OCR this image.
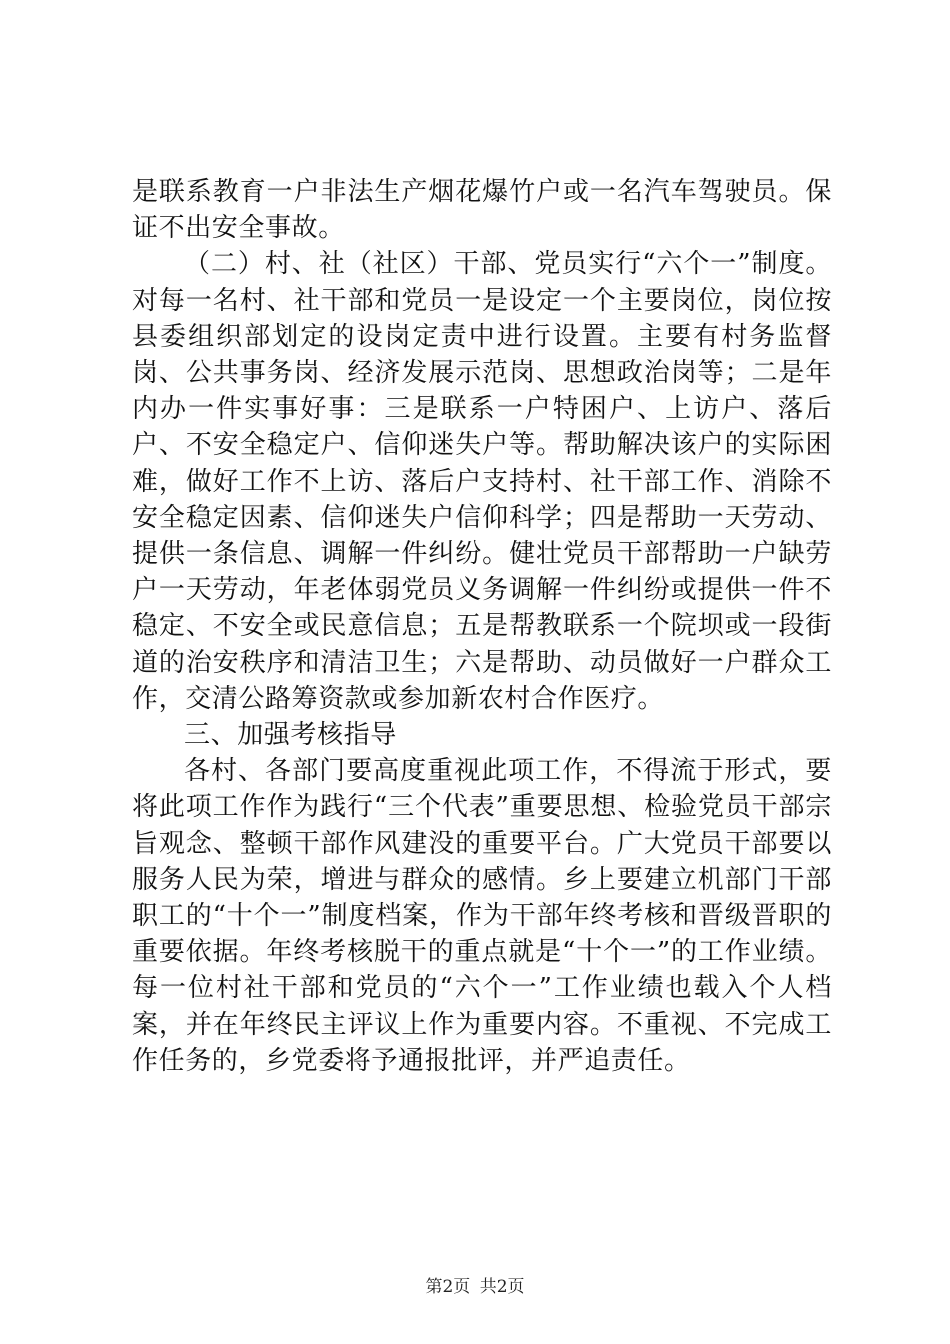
是联系教育一户非法生产烟花爆竹户或一名汽车驾驶员。保证不出安全事故。

（二）村、社（社区）干部、党员实行“六个一”制度。对每一名村、社干部和党员一是设定一个主要岗位，岗位按县委组织部划定的设岗定责中进行设置。主要有村务监督岗、公共事务岗、经济发展示范岗、思想政治岗等；二是年内办一件实事好事：三是联系一户特困户、上访户、落后户、不安全稳定户、信仰迷失户等。帮助解决该户的实际困难，做好工作不上访、落后户支持村、社干部工作、消除不安全稳定因素、信仰迷失户信仰科学；四是帮助一天劳动、提供一条信息、调解一件纠纷。健壮党员干部帮助一户缺劳户一天劳动，年老体弱党员义务调解一件纠纷或提供一件不稳定、不安全或民意信息；五是帮教联系一个院坝或一段街道的治安秩序和清洁卫生；六是帮助、动员做好一户群众工作，交清公路筹资款或参加新农村合作医疗。

三、加强考核指导

各村、各部门要高度重视此项工作，不得流于形式，要将此项工作作为践行“三个代表”重要思想、检验党员干部宗旨观念、整顿干部作风建没的重要平台。广大党员干部要以服务人民为荣，增进与群众的感情。乡上要建立机部门干部职工的“十个一”制度档案，作为干部年终考核和晋级晋职的重要依据。年终考核脱干的重点就是“十个一”的工作业绩。每一位村社干部和党员的“六个一”工作业绩也载入个人档案，并在年终民主评议上作为重要内容。不重视、不完成工作任务的，乡党委将予通报批评，并严追责任。

第2页 共2页
